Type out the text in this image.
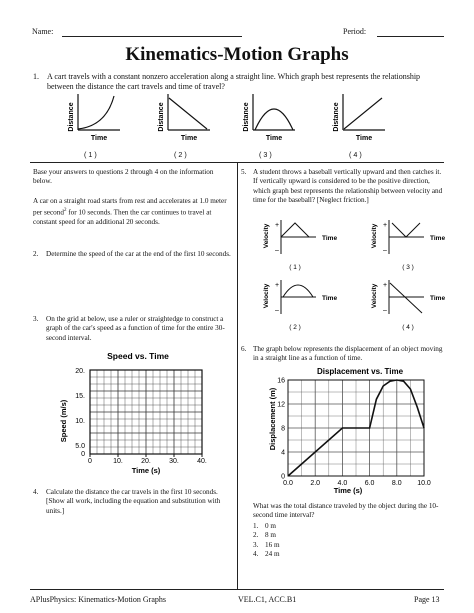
Name:	Period:
Kinematics-Motion Graphs
1. A cart travels with a constant nonzero acceleration along a straight line. Which graph best represents the relationship between the distance the cart travels and time of travel?
Distance
Time
Distance
Time
Distance
Time
Distance
Time
( 1 )	( 2 )	( 3 )	( 4 )
Base your answers to questions 2 through 4 on the information below.
A car on a straight road starts from rest and accelerates at 1.0 meter per second$^2$ for 10 seconds. Then the car continues to travel at constant speed for an additional 20 seconds.
2. Determine the speed of the car at the end of the first 10 seconds.
3. On the grid at below, use a ruler or straightedge to construct a graph of the car's speed as a function of time for the entire 30-second interval.
Speed vs. Time
Speed (m/s)
20.
15.
10.
5.0
0
0	10.	20.	30.	40.
Time (s)
4. Calculate the distance the car travels in the first 10 seconds. [Show all work, including the equation and substitution with units.]
5. A student throws a baseball vertically upward and then catches it. If vertically upward is considered to be the positive direction, which graph best represents the relationship between velocity and time for the baseball? [Neglect friction.]
Velocity +
–
Time
( 1 )
Velocity +
–
Time
( 3 )
Velocity +
–
Time
( 2 )
Velocity +
–
Time
( 4 )
6. The graph below represents the displacement of an object moving in a straight line as a function of time.
Displacement vs. Time
Displacement (m)
0
4
8
12
16
0.0 2.0 4.0 6.0 8.0 10.0
Time (s)
What was the total distance traveled by the object during the 10-second time interval?
1. 0 m
2. 8 m
3. 16 m
4. 24 m
APlusPhysics: Kinematics-Motion Graphs	VEL.C1, ACC.B1	Page 13
